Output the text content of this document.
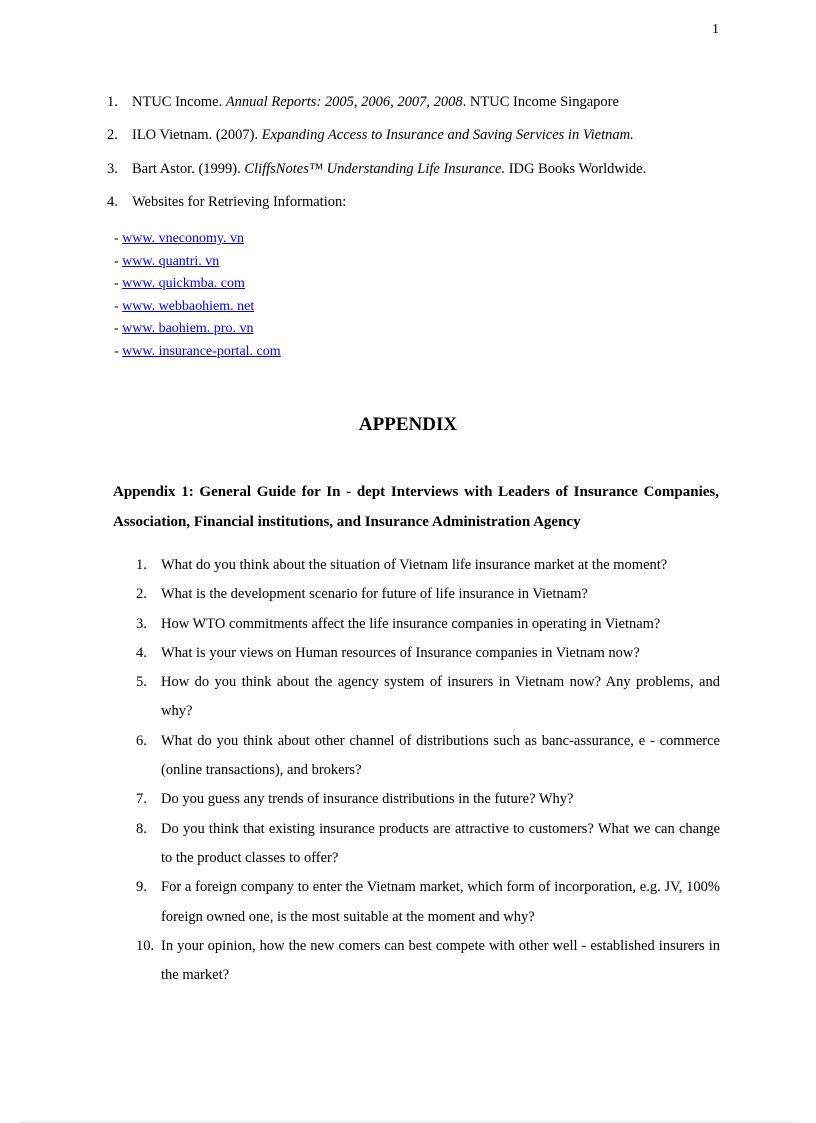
1
1. NTUC Income. Annual Reports: 2005, 2006, 2007, 2008. NTUC Income Singapore
2. ILO Vietnam. (2007). Expanding Access to Insurance and Saving Services in Vietnam.
3. Bart Astor. (1999). CliffsNotes™ Understanding Life Insurance. IDG Books Worldwide.
4. Websites for Retrieving Information:
- www. vneconomy. vn
- www. quantri. vn
- www. quickmba. com
- www. webbaohiem. net
- www. baohiem. pro. vn
- www. insurance-portal. com
APPENDIX

Appendix 1: General Guide for In - dept Interviews with Leaders of Insurance Companies, Association, Financial institutions, and Insurance Administration Agency

1. What do you think about the situation of Vietnam life insurance market at the moment?
2. What is the development scenario for future of life insurance in Vietnam?
3. How WTO commitments affect the life insurance companies in operating in Vietnam?
4. What is your views on Human resources of Insurance companies in Vietnam now?
5. How do you think about the agency system of insurers in Vietnam now? Any problems, and why?
6. What do you think about other channel of distributions such as banc-assurance, e - commerce (online transactions), and brokers?
7. Do you guess any trends of insurance distributions in the future? Why?
8. Do you think that existing insurance products are attractive to customers? What we can change to the product classes to offer?
9. For a foreign company to enter the Vietnam market, which form of incorporation, e.g. JV, 100% foreign owned one, is the most suitable at the moment and why?
10. In your opinion, how the new comers can best compete with other well - established insurers in the market?
